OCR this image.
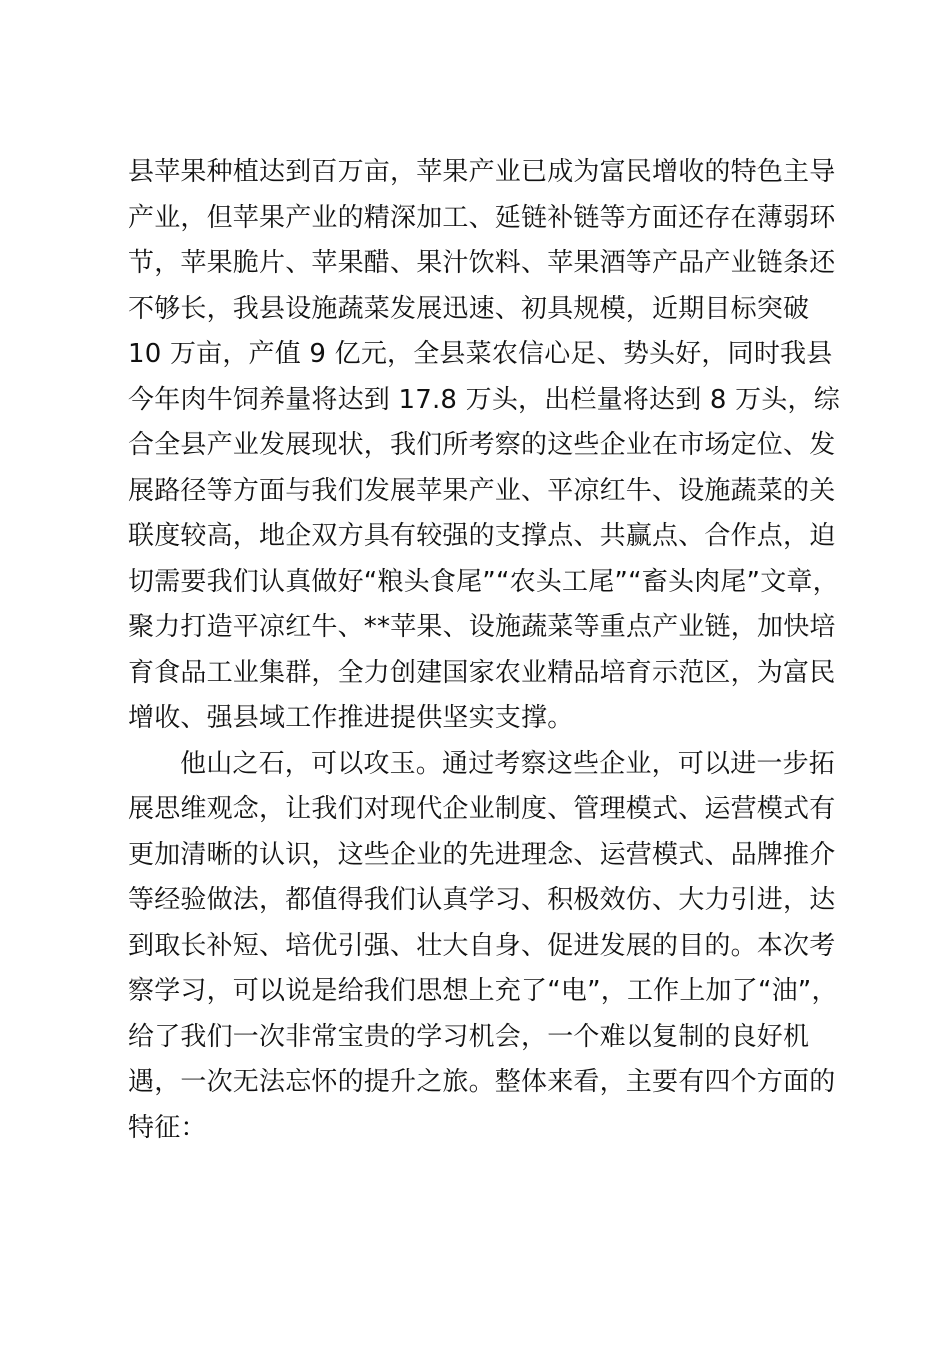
县苹果种植达到百万亩，苹果产业已成为富民增收的特色主导
产业，但苹果产业的精深加工、延链补链等方面还存在薄弱环
节，苹果脆片、苹果醋、果汁饮料、苹果酒等产品产业链条还
不够长，我县设施蔬菜发展迅速、初具规模，近期目标突破
10 万亩，产值 9 亿元，全县菜农信心足、势头好，同时我县
今年肉牛饲养量将达到 17.8 万头，出栏量将达到 8 万头，综
合全县产业发展现状，我们所考察的这些企业在市场定位、发
展路径等方面与我们发展苹果产业、平凉红牛、设施蔬菜的关
联度较高，地企双方具有较强的支撑点、共赢点、合作点，迫
切需要我们认真做好“粮头食尾”“农头工尾”“畜头肉尾”文章，
聚力打造平凉红牛、**苹果、设施蔬菜等重点产业链，加快培
育食品工业集群，全力创建国家农业精品培育示范区，为富民
增收、强县域工作推进提供坚实支撑。
他山之石，可以攻玉。通过考察这些企业，可以进一步拓
展思维观念，让我们对现代企业制度、管理模式、运营模式有
更加清晰的认识，这些企业的先进理念、运营模式、品牌推介
等经验做法，都值得我们认真学习、积极效仿、大力引进，达
到取长补短、培优引强、壮大自身、促进发展的目的。本次考
察学习，可以说是给我们思想上充了“电”，工作上加了“油”，
给了我们一次非常宝贵的学习机会，一个难以复制的良好机
遇，一次无法忘怀的提升之旅。整体来看，主要有四个方面的
特征：
